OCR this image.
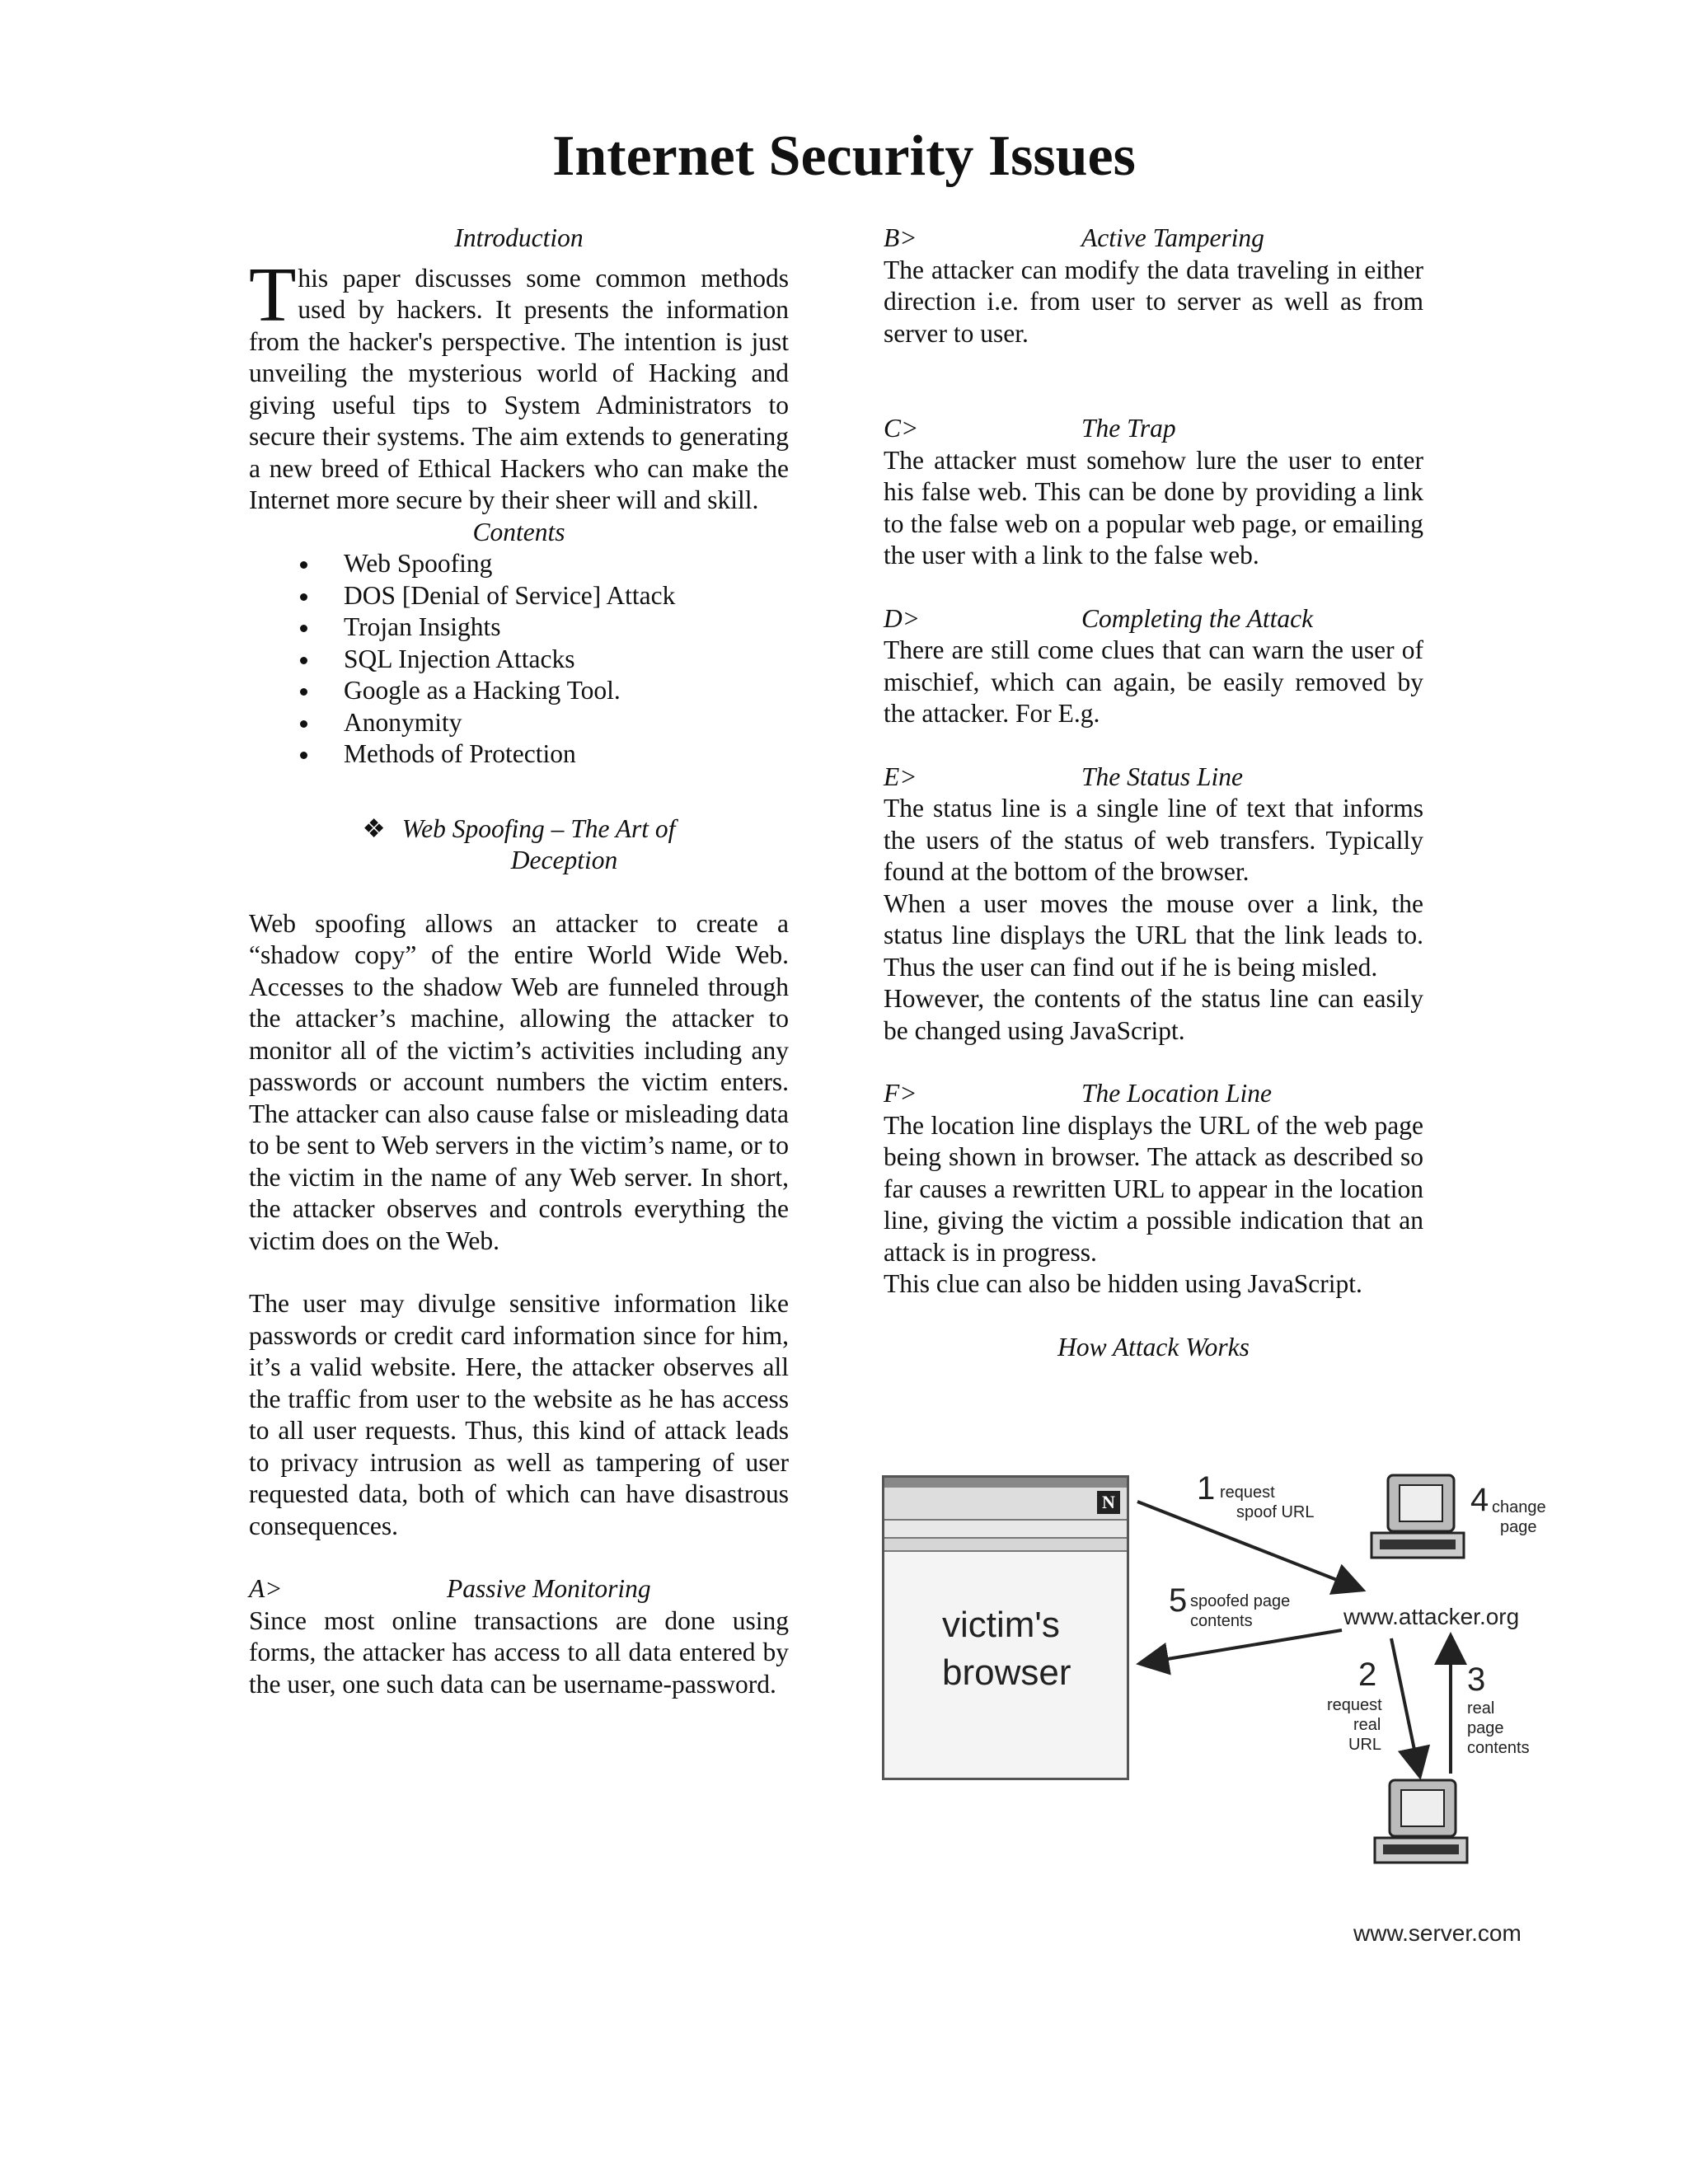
Internet Security Issues

Introduction

This paper discusses some common methods used by hackers. It presents the information from the hacker's perspective. The intention is just unveiling the mysterious world of Hacking and giving useful tips to System Administrators to secure their systems. The aim extends to generating a new breed of Ethical Hackers who can make the Internet more secure by their sheer will and skill.

Contents

Web Spoofing
DOS [Denial of Service] Attack
Trojan Insights
SQL Injection Attacks
Google as a Hacking Tool.
Anonymity
Methods of Protection
❖ Web Spoofing – The Art of
Deception

Web spoofing allows an attacker to create a “shadow copy” of the entire World Wide Web. Accesses to the shadow Web are funneled through the attacker’s machine, allowing the attacker to monitor all of the victim’s activities including any passwords or account numbers the victim enters. The attacker can also cause false or misleading data to be sent to Web servers in the victim’s name, or to the victim in the name of any Web server. In short, the attacker observes and controls everything the victim does on the Web.

The user may divulge sensitive information like passwords or credit card information since for him, it’s a valid website. Here, the attacker observes all the traffic from user to the website as he has access to all user requests. Thus, this kind of attack leads to privacy intrusion as well as tampering of user requested data, both of which can have disastrous consequences.

A>	Passive Monitoring

Since most online transactions are done using forms, the attacker has access to all data entered by the user, one such data can be username-password.

B>	Active Tampering

The attacker can modify the data traveling in either direction i.e. from user to server as well as from server to user.

C>	The Trap

The attacker must somehow lure the user to enter his false web. This can be done by providing a link to the false web on a popular web page, or emailing the user with a link to the false web.

D>	Completing the Attack

There are still come clues that can warn the user of mischief, which can again, be easily removed by the attacker. For E.g.

E>	The Status Line

The status line is a single line of text that informs the users of the status of web transfers. Typically found at the bottom of the browser.

When a user moves the mouse over a link, the status line displays the URL that the link leads to. Thus the user can find out if he is being misled.

However, the contents of the status line can easily be changed using JavaScript.

F>	The Location Line

The location line displays the URL of the web page being shown in browser. The attack as described so far causes a rewritten URL to appear in the location line, giving the victim a possible indication that an attack is in progress.

This clue can also be hidden using JavaScript.

How Attack Works

N
victim's
browser
1 request
spoof URL	4 change
page
5 spoofed page
contents	www.attacker.org
2
request
real
URL
3
real
page
contents
www.server.com
